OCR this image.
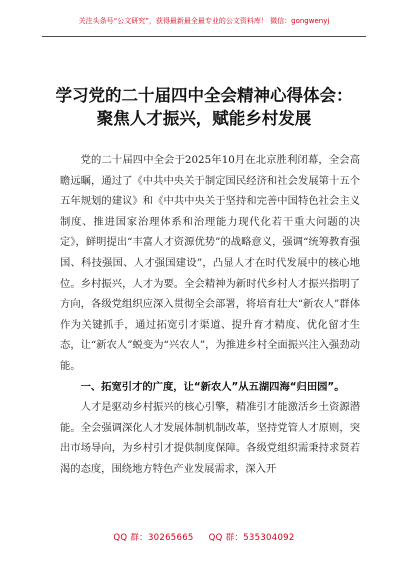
关注头条号“公文研究”，获得最新最全最专业的公文资料库！ 微信：gongwenyj
学习党的二十届四中全会精神心得体会：
聚焦人才振兴，赋能乡村发展

党的二十届四中全会于2025年10月在北京胜利闭幕，全会高瞻远瞩，通过了《中共中央关于制定国民经济和社会发展第十五个五年规划的建议》和《中共中央关于坚持和完善中国特色社会主义制度、推进国家治理体系和治理能力现代化若干重大问题的决定》，鲜明提出“丰富人才资源优势”的战略意义，强调“统筹教育强国、科技强国、人才强国建设”，凸显人才在时代发展中的核心地位。乡村振兴，人才为要。全会精神为新时代乡村人才振兴指明了方向，各级党组织应深入贯彻全会部署，将培育壮大“新农人”群体作为关键抓手，通过拓宽引才渠道、提升育才精度、优化留才生态，让“新农人”蜕变为“兴农人”，为推进乡村全面振兴注入强劲动能。

一、拓宽引才的广度，让“新农人”从五湖四海“归田园”。

人才是驱动乡村振兴的核心引擎，精准引才能激活乡土资源潜能。全会强调深化人才发展体制机制改革，坚持党管人才原则，突出市场导向，为乡村引才提供制度保障。各级党组织需秉持求贤若渴的态度，围绕地方特色产业发展需求，深入开

QQ 群：30265665 QQ 群：535304092
